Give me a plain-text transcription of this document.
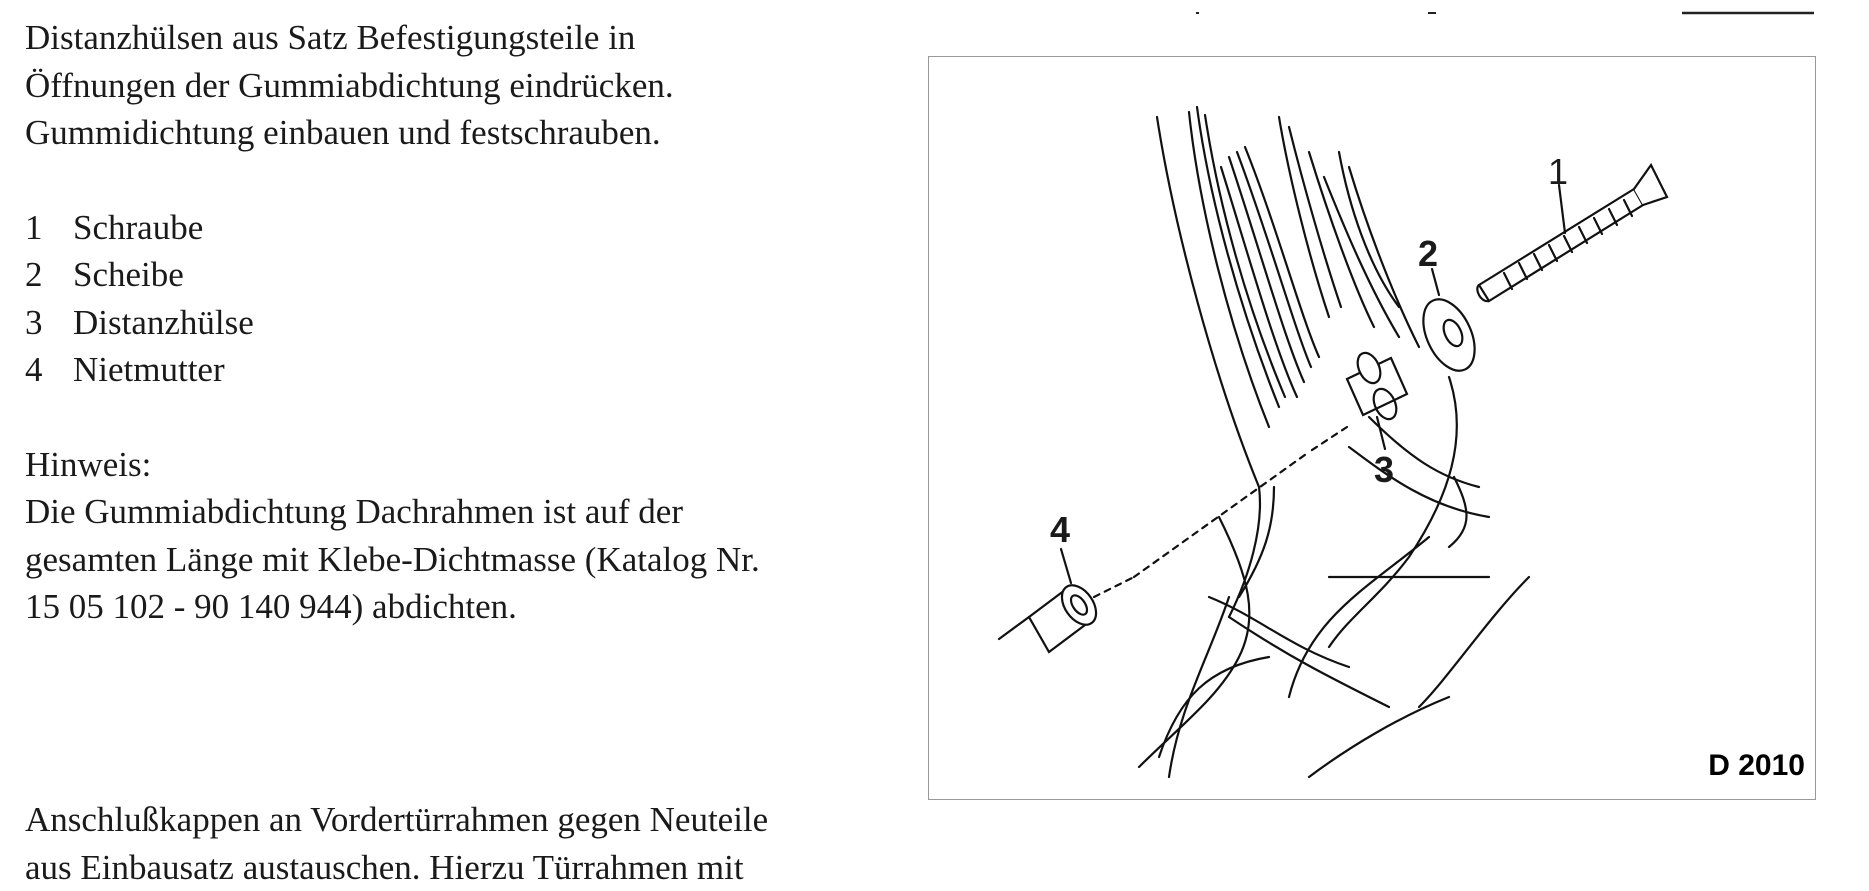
Distanzhülsen aus Satz Befestigungsteile in

Öffnungen der Gummiabdichtung eindrücken.

Gummidichtung einbauen und festschrauben.

1 Schraube
2 Scheibe
3 Distanzhülse
4 Nietmutter

Hinweis:

Die Gummiabdichtung Dachrahmen ist auf der

gesamten Länge mit Klebe-Dichtmasse (Katalog Nr.

15 05 102 - 90 140 944) abdichten.

Anschlußkappen an Vordertürrahmen gegen Neuteile

aus Einbausatz austauschen. Hierzu Türrahmen mit

1
2
3
4
D 2010
